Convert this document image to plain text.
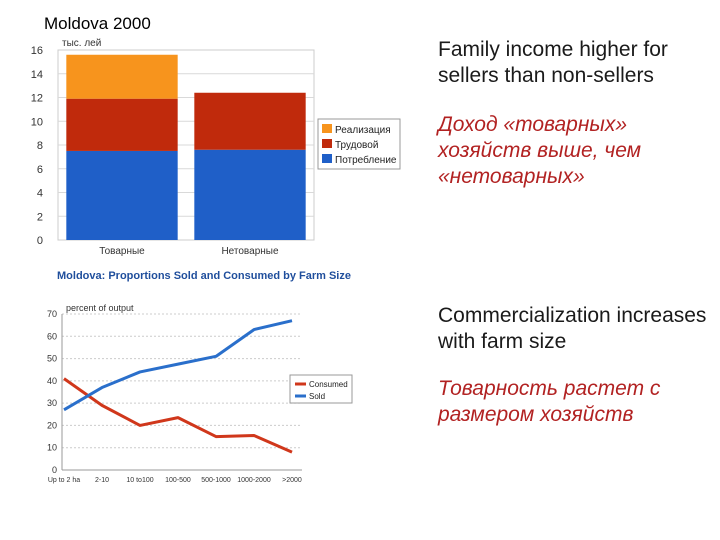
Moldova 2000
0
2
4
6
8
10
12
14
16
Товарные	Нетоварные
тыс. лей
Реализация
Трудовой
Потребление
Moldova: Proportions Sold and Consumed by Farm Size
0
10
20
30
40
50
60
70
Up to 2 ha 2-10 10 to100 100-500 500-1000 1000-2000 >2000
percent of output
Consumed
Sold
Family income higher for sellers than non-sellers
Доход «товарных» хозяйств выше, чем «нетоварных»
Commercialization increases with farm size
Товарность растет с размером хозяйств
